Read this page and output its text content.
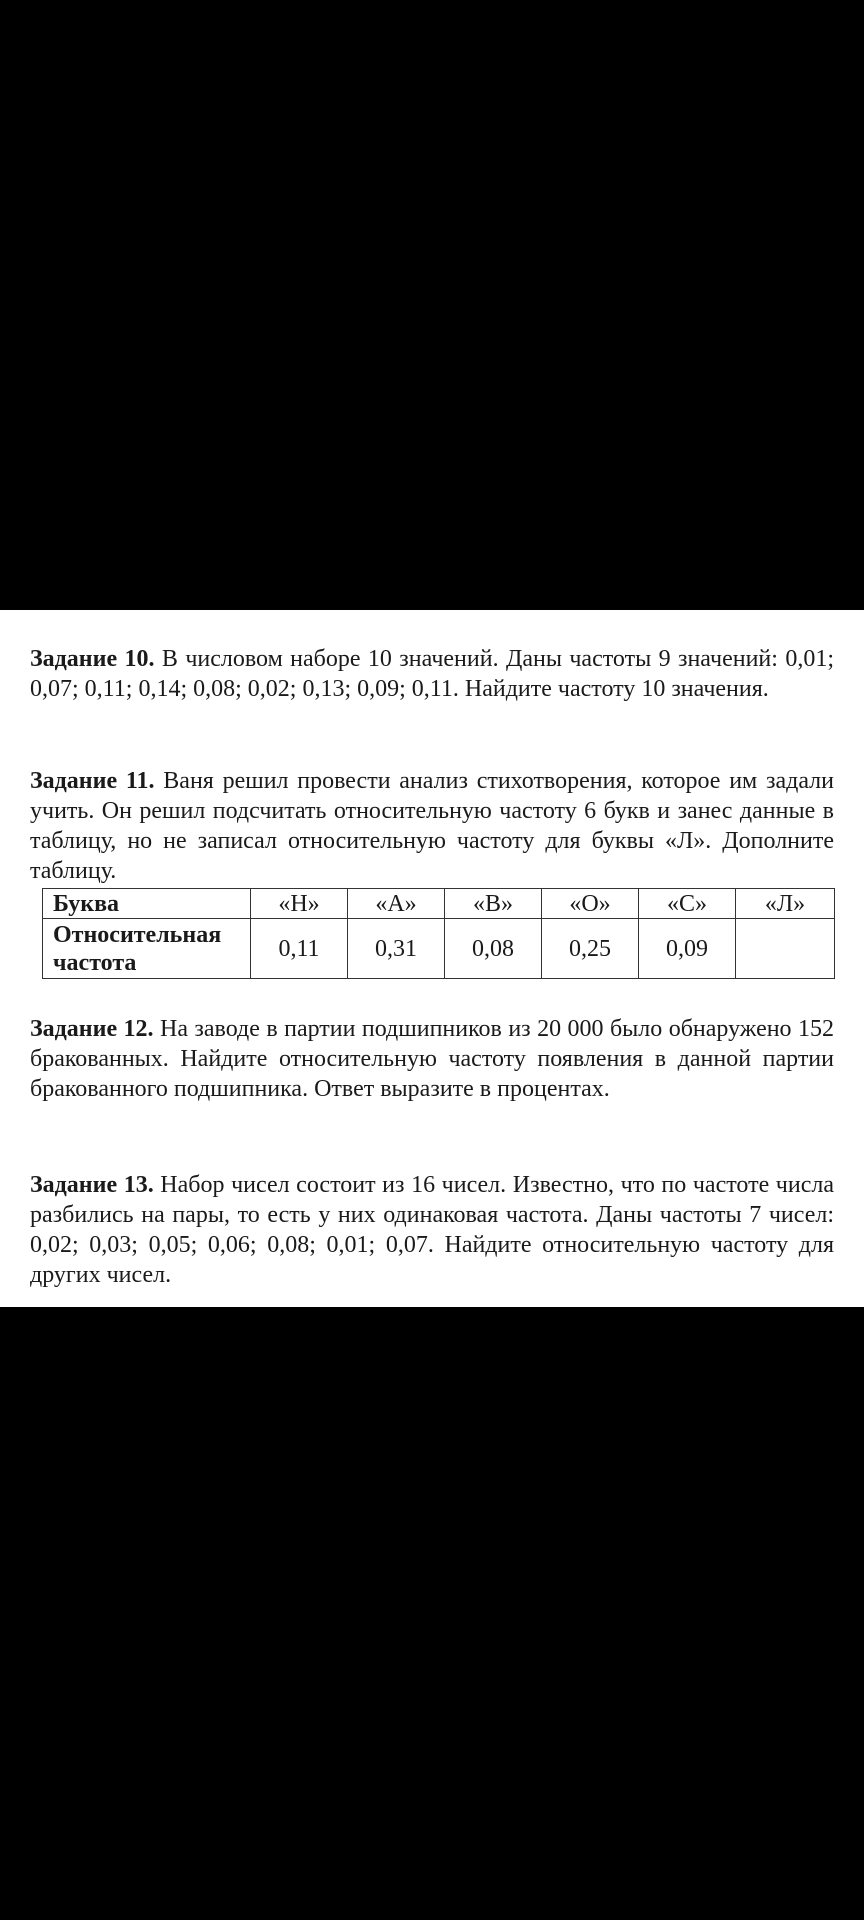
Задание 10. В числовом наборе 10 значений. Даны частоты 9 значений: 0,01; 0,07; 0,11; 0,14; 0,08; 0,02; 0,13; 0,09; 0,11. Найдите частоту 10 значения.
Задание 11. Ваня решил провести анализ стихотворения, которое им задали учить. Он решил подсчитать относительную частоту 6 букв и занес данные в таблицу, но не записал относительную частоту для буквы «Л». Дополните таблицу.
Буква	«Н»	«А»	«В»	«О»	«С»	«Л»
Относительная
частота	0,11	0,31	0,08	0,25	0,09	
Задание 12. На заводе в партии подшипников из 20 000 было обнаружено 152 бракованных. Найдите относительную частоту появления в данной партии бракованного подшипника. Ответ выразите в процентах.
Задание 13. Набор чисел состоит из 16 чисел. Известно, что по частоте числа разбились на пары, то есть у них одинаковая частота. Даны частоты 7 чисел: 0,02; 0,03; 0,05; 0,06; 0,08; 0,01; 0,07. Найдите относительную частоту для других чисел.
